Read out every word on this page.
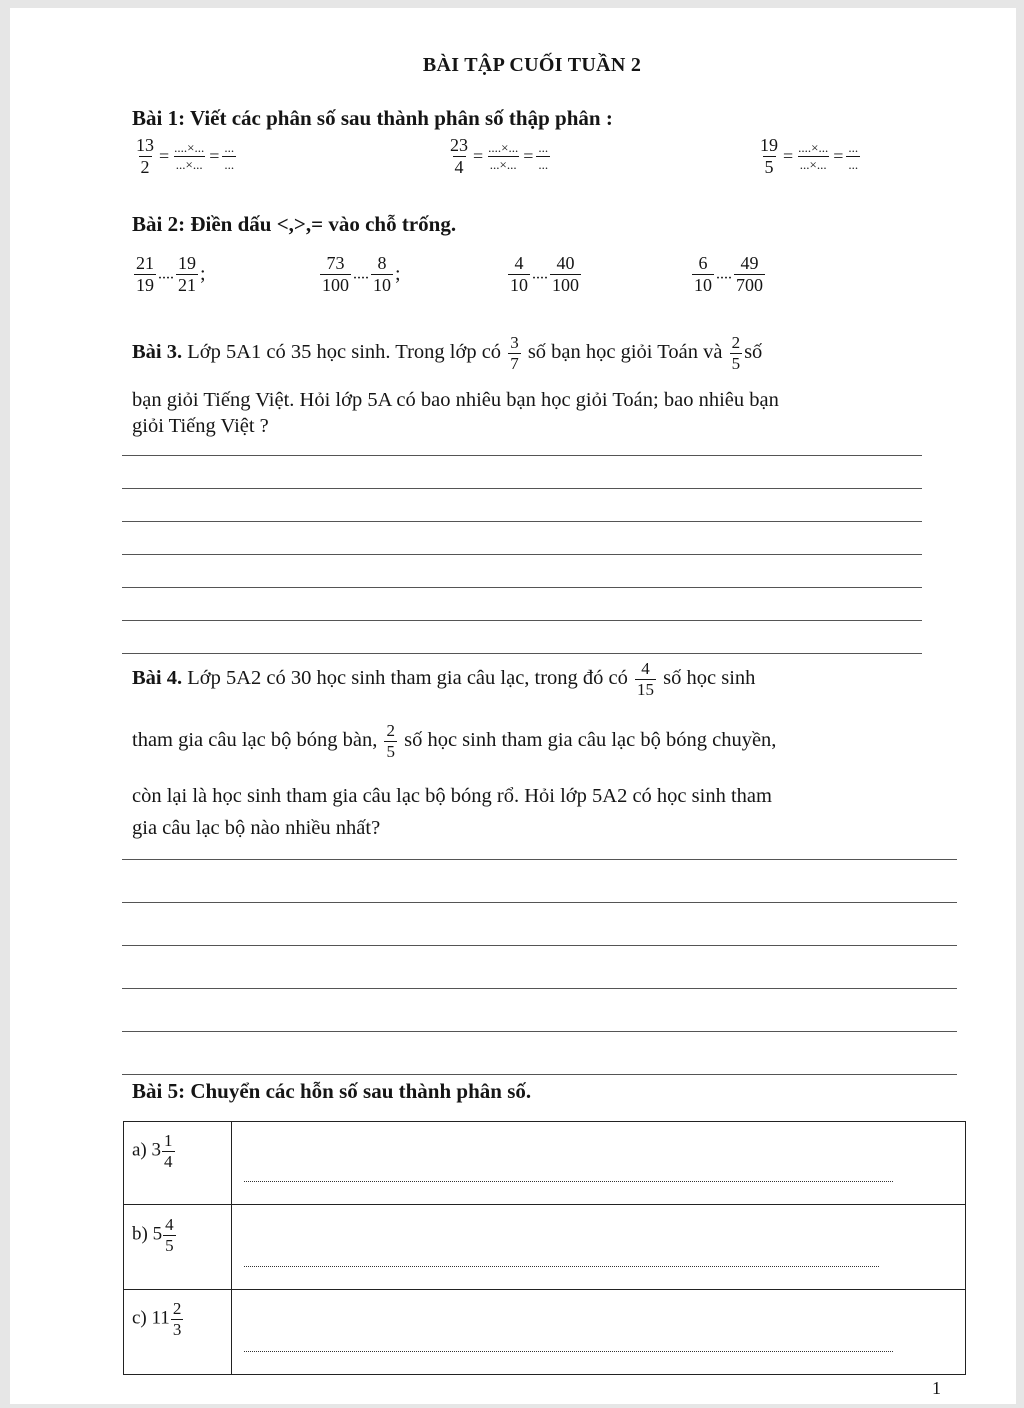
BÀI TẬP CUỐI TUẦN 2
Bài 1: Viết các phân số sau thành phân số thập phân :
$\frac{13}{2} = \frac{....\times...}{...\times...} = \frac{...}{...}$	$\frac{23}{4} = \frac{....\times...}{...\times...} = \frac{...}{...}$	$\frac{19}{5} = \frac{....\times...}{...\times...} = \frac{...}{...}$
Bài 2: Điền dấu <,>,= vào chỗ trống.
$\frac{21}{19}$ .... $\frac{19}{21}$ ;	$\frac{73}{100}$ .... $\frac{8}{10}$ ;	$\frac{4}{10}$ .... $\frac{40}{100}$	$\frac{6}{10}$ .... $\frac{49}{700}$
Bài 3. Lớp 5A1 có 35 học sinh. Trong lớp có $\frac{3}{7}$ số bạn học giỏi Toán và $\frac{2}{5}$ số
bạn giỏi Tiếng Việt. Hỏi lớp 5A có bao nhiêu bạn học giỏi Toán; bao nhiêu bạn
giỏi Tiếng Việt ?
Bài 4. Lớp 5A2 có 30 học sinh tham gia câu lạc, trong đó có $\frac{4}{15}$ số học sinh
tham gia câu lạc bộ bóng bàn, $\frac{2}{5}$ số học sinh tham gia câu lạc bộ bóng chuyền,
còn lại là học sinh tham gia câu lạc bộ bóng rổ. Hỏi lớp 5A2 có học sinh tham
gia câu lạc bộ nào nhiều nhất?
Bài 5: Chuyển các hỗn số sau thành phân số.
a) $3 \frac{1}{4}$
b) $5 \frac{4}{5}$
c) $11 \frac{2}{3}$
1
